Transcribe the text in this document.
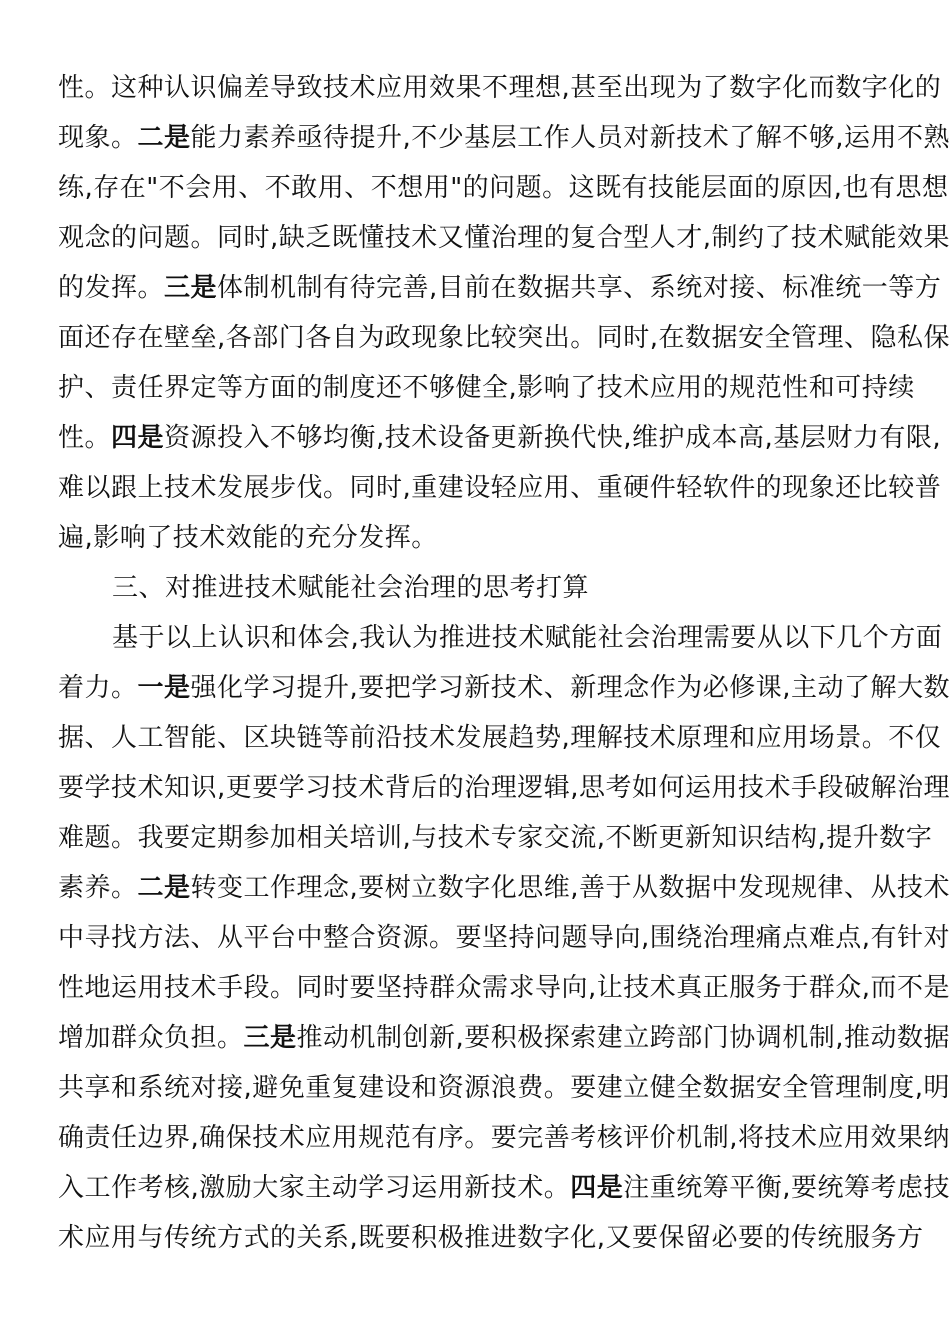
性。这种认识偏差导致技术应用效果不理想,甚至出现为了数字化而数字化的
现象。二是能力素养亟待提升,不少基层工作人员对新技术了解不够,运用不熟
练,存在"不会用、不敢用、不想用"的问题。这既有技能层面的原因,也有思想
观念的问题。同时,缺乏既懂技术又懂治理的复合型人才,制约了技术赋能效果
的发挥。三是体制机制有待完善,目前在数据共享、系统对接、标准统一等方
面还存在壁垒,各部门各自为政现象比较突出。同时,在数据安全管理、隐私保
护、责任界定等方面的制度还不够健全,影响了技术应用的规范性和可持续
性。四是资源投入不够均衡,技术设备更新换代快,维护成本高,基层财力有限,
难以跟上技术发展步伐。同时,重建设轻应用、重硬件轻软件的现象还比较普
遍,影响了技术效能的充分发挥。
三、对推进技术赋能社会治理的思考打算
基于以上认识和体会,我认为推进技术赋能社会治理需要从以下几个方面
着力。一是强化学习提升,要把学习新技术、新理念作为必修课,主动了解大数
据、人工智能、区块链等前沿技术发展趋势,理解技术原理和应用场景。不仅
要学技术知识,更要学习技术背后的治理逻辑,思考如何运用技术手段破解治理
难题。我要定期参加相关培训,与技术专家交流,不断更新知识结构,提升数字
素养。二是转变工作理念,要树立数字化思维,善于从数据中发现规律、从技术
中寻找方法、从平台中整合资源。要坚持问题导向,围绕治理痛点难点,有针对
性地运用技术手段。同时要坚持群众需求导向,让技术真正服务于群众,而不是
增加群众负担。三是推动机制创新,要积极探索建立跨部门协调机制,推动数据
共享和系统对接,避免重复建设和资源浪费。要建立健全数据安全管理制度,明
确责任边界,确保技术应用规范有序。要完善考核评价机制,将技术应用效果纳
入工作考核,激励大家主动学习运用新技术。四是注重统筹平衡,要统筹考虑技
术应用与传统方式的关系,既要积极推进数字化,又要保留必要的传统服务方
